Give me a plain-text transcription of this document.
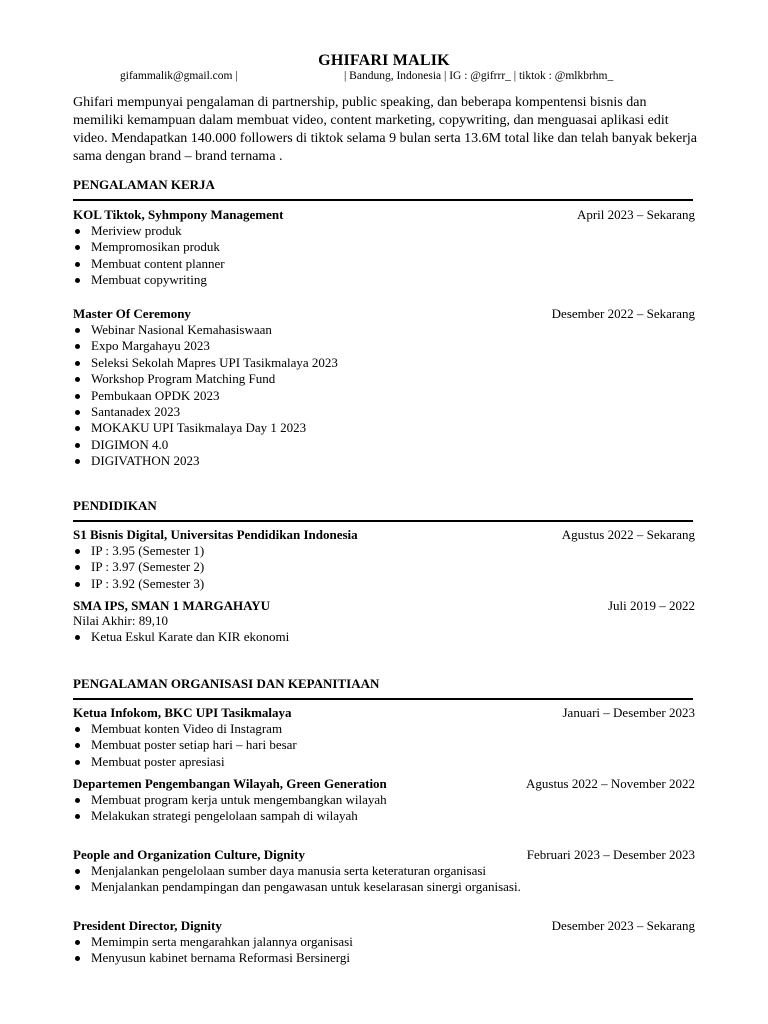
GHIFARI MALIK
gifammalik@gmail.com |	| Bandung, Indonesia | IG : @gifrrr_ | tiktok : @mlkbrhm_
Ghifari mempunyai pengalaman di partnership, public speaking, dan beberapa kompentensi bisnis dan memiliki kemampuan dalam membuat video, content marketing, copywriting, dan menguasai aplikasi edit video. Mendapatkan 140.000 followers di tiktok selama 9 bulan serta 13.6M total like dan telah banyak bekerja sama dengan brand – brand ternama .
PENGALAMAN KERJA
KOL Tiktok, Syhmpony Management	April 2023 – Sekarang
Meriview produk
Mempromosikan produk
Membuat content planner
Membuat copywriting
Master Of Ceremony	Desember 2022 – Sekarang
Webinar Nasional Kemahasiswaan
Expo Margahayu 2023
Seleksi Sekolah Mapres UPI Tasikmalaya 2023
Workshop Program Matching Fund
Pembukaan OPDK 2023
Santanadex 2023
MOKAKU UPI Tasikmalaya Day 1 2023
DIGIMON 4.0
DIGIVATHON 2023
PENDIDIKAN
S1 Bisnis Digital, Universitas Pendidikan Indonesia	Agustus 2022 – Sekarang
IP : 3.95 (Semester 1)
IP : 3.97 (Semester 2)
IP : 3.92 (Semester 3)
SMA IPS, SMAN 1 MARGAHAYU	Juli 2019 – 2022
Nilai Akhir: 89,10
Ketua Eskul Karate dan KIR ekonomi
PENGALAMAN ORGANISASI DAN KEPANITIAAN
Ketua Infokom, BKC UPI Tasikmalaya	Januari – Desember 2023
Membuat konten Video di Instagram
Membuat poster setiap hari – hari besar
Membuat poster apresiasi
Departemen Pengembangan Wilayah, Green Generation	Agustus 2022 – November 2022
Membuat program kerja untuk mengembangkan wilayah
Melakukan strategi pengelolaan sampah di wilayah
People and Organization Culture, Dignity	Februari 2023 – Desember 2023
Menjalankan pengelolaan sumber daya manusia serta keteraturan organisasi
Menjalankan pendampingan dan pengawasan untuk keselarasan sinergi organisasi.
President Director, Dignity	Desember 2023 – Sekarang
Memimpin serta mengarahkan jalannya organisasi
Menyusun kabinet bernama Reformasi Bersinergi
